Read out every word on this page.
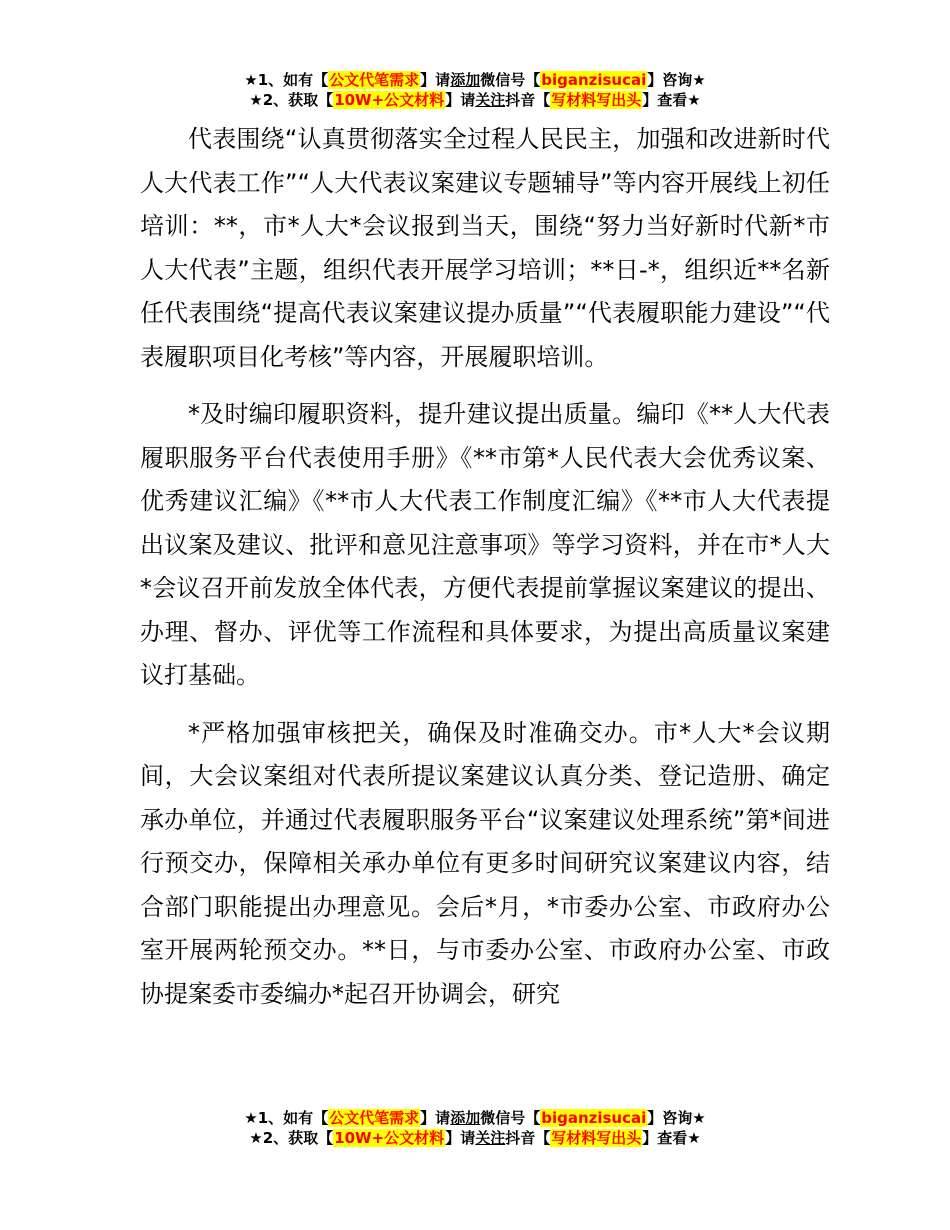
★1、如有【公文代笔需求】请添加微信号【biganzisucai】咨询★
★2、获取【10W+公文材料】请关注抖音【写材料写出头】查看★

代表围绕“认真贯彻落实全过程人民民主，加强和改进新时代人大代表工作”“人大代表议案建议专题辅导”等内容开展线上初任培训：**，市*人大*会议报到当天，围绕“努力当好新时代新*市人大代表”主题，组织代表开展学习培训；**日-*，组织近**名新任代表围绕“提高代表议案建议提办质量”“代表履职能力建设”“代表履职项目化考核”等内容，开展履职培训。

*及时编印履职资料，提升建议提出质量。编印《**人大代表履职服务平台代表使用手册》《**市第*人民代表大会优秀议案、优秀建议汇编》《**市人大代表工作制度汇编》《**市人大代表提出议案及建议、批评和意见注意事项》等学习资料，并在市*人大*会议召开前发放全体代表，方便代表提前掌握议案建议的提出、办理、督办、评优等工作流程和具体要求，为提出高质量议案建议打基础。

*严格加强审核把关，确保及时准确交办。市*人大*会议期间，大会议案组对代表所提议案建议认真分类、登记造册、确定承办单位，并通过代表履职服务平台“议案建议处理系统”第*间进行预交办，保障相关承办单位有更多时间研究议案建议内容，结合部门职能提出办理意见。会后*月，*市委办公室、市政府办公室开展两轮预交办。**日，与市委办公室、市政府办公室、市政协提案委市委编办*起召开协调会，研究

★1、如有【公文代笔需求】请添加微信号【biganzisucai】咨询★
★2、获取【10W+公文材料】请关注抖音【写材料写出头】查看★
